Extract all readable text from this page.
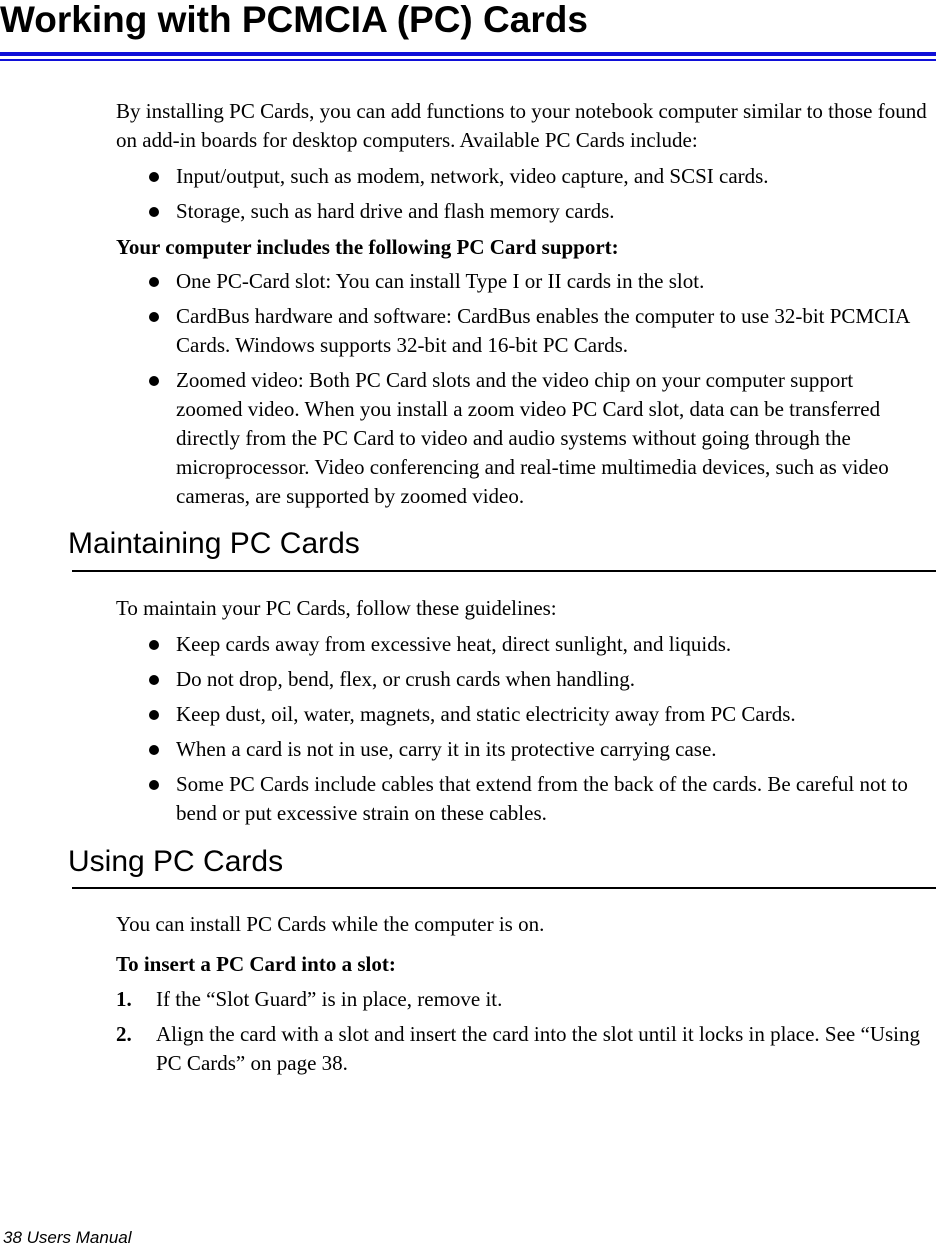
Working with PCMCIA (PC) Cards

By installing PC Cards, you can add functions to your notebook computer similar to those found on add-in boards for desktop computers. Available PC Cards include:

Input/output, such as modem, network, video capture, and SCSI cards.
Storage, such as hard drive and flash memory cards.

Your computer includes the following PC Card support:

One PC-Card slot: You can install Type I or II cards in the slot.
CardBus hardware and software: CardBus enables the computer to use 32-bit PCMCIA Cards. Windows supports 32-bit and 16-bit PC Cards.
Zoomed video: Both PC Card slots and the video chip on your computer support zoomed video. When you install a zoom video PC Card slot, data can be transferred directly from the PC Card to video and audio systems without going through the microprocessor. Video conferencing and real-time multimedia devices, such as video cameras, are supported by zoomed video.
Maintaining PC Cards

To maintain your PC Cards, follow these guidelines:

Keep cards away from excessive heat, direct sunlight, and liquids.
Do not drop, bend, flex, or crush cards when handling.
Keep dust, oil, water, magnets, and static electricity away from PC Cards.
When a card is not in use, carry it in its protective carrying case.
Some PC Cards include cables that extend from the back of the cards. Be careful not to bend or put excessive strain on these cables.
Using PC Cards

You can install PC Cards while the computer is on.

To insert a PC Card into a slot:

1. If the “Slot Guard” is in place, remove it.
2. Align the card with a slot and insert the card into the slot until it locks in place. See “Using PC Cards” on page 38.
38 Users Manual
